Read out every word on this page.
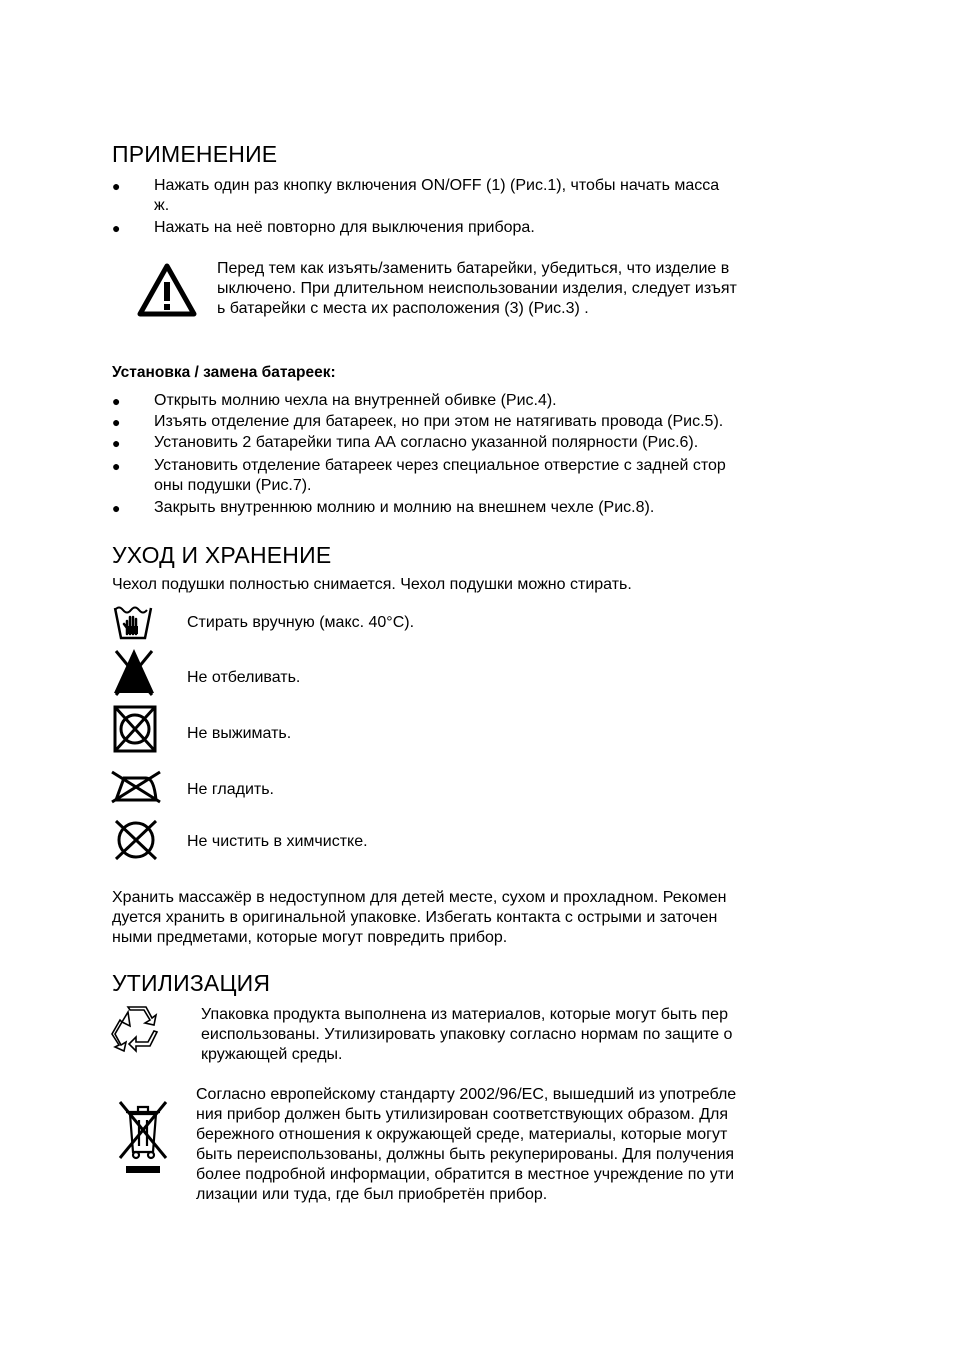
ПРИМЕНЕНИЕ
● Нажать один раз кнопку включения ON/OFF (1) (Рис.1), чтобы начать масса
ж.
● Нажать на неё повторно для выключения прибора.

Перед тем как изъять/заменить батарейки, убедиться, что изделие в
ыключено. При длительном неиспользовании изделия, следует изъят
ь батарейки с места их расположения (3) (Рис.3) .

Установка / замена батареек:
● Открыть молнию чехла на внутренней обивке (Рис.4).
● Изъять отделение для батареек, но при этом не натягивать провода (Рис.5).
● Установить 2 батарейки типа АА согласно указанной полярности (Рис.6).
● Установить отделение батареек через специальное отверстие с задней стор
оны подушки (Рис.7).
● Закрыть внутреннюю молнию и молнию на внешнем чехле (Рис.8).
УХОД И ХРАНЕНИЕ

Чехол подушки полностью снимается. Чехол подушки можно стирать.

Стирать вручную (макс. 40°C).
Не отбеливать.
Не выжимать.
Не гладить.
Не чистить в химчистке.

Хранить массажёр в недоступном для детей месте, сухом и прохладном. Рекомен
дуется хранить в оригинальной упаковке. Избегать контакта с острыми и заточен
ными предметами, которые могут повредить прибор.

УТИЛИЗАЦИЯ

Упаковка продукта выполнена из материалов, которые могут быть пер
еиспользованы. Утилизировать упаковку согласно нормам по защите о
кружающей среды.

Согласно европейскому стандарту 2002/96/EC, вышедший из употребле
ния прибор должен быть утилизирован соответствующих образом. Для
бережного отношения к окружающей среде, материалы, которые могут
быть переиспользованы, должны быть рекуперированы. Для получения
более подробной информации, обратится в местное учреждение по ути
лизации или туда, где был приобретён прибор.
